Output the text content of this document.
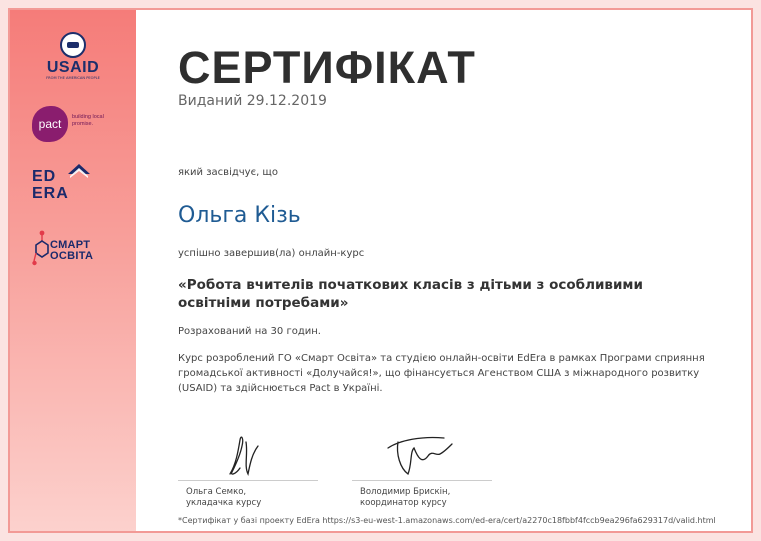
USAID
FROM THE AMERICAN PEOPLE
pact	building local promise.
ED
ERA
СМАРТ
ОСВІТА
СЕРТИФІКАТ
Виданий 29.12.2019
який засвідчує, що
Ольга Кізь
успішно завершив(ла) онлайн-курс
«Робота вчителів початкових класів з дітьми з особливими освітніми потребами»
Розрахований на 30 годин.
Курс розроблений ГО «Смарт Освіта» та студією онлайн-освіти EdEra в рамках Програми сприяння громадської активності «Долучайся!», що фінансується Агенством США з міжнародного розвитку (USAID) та здійснюється Pact в Україні.
Ольга Семко,
укладачка курсу
Володимир Брискін,
координатор курсу
*Сертифікат у базі проекту EdEra https://s3-eu-west-1.amazonaws.com/ed-era/cert/a2270c18fbbf4fccb9ea296fa629317d/valid.html
